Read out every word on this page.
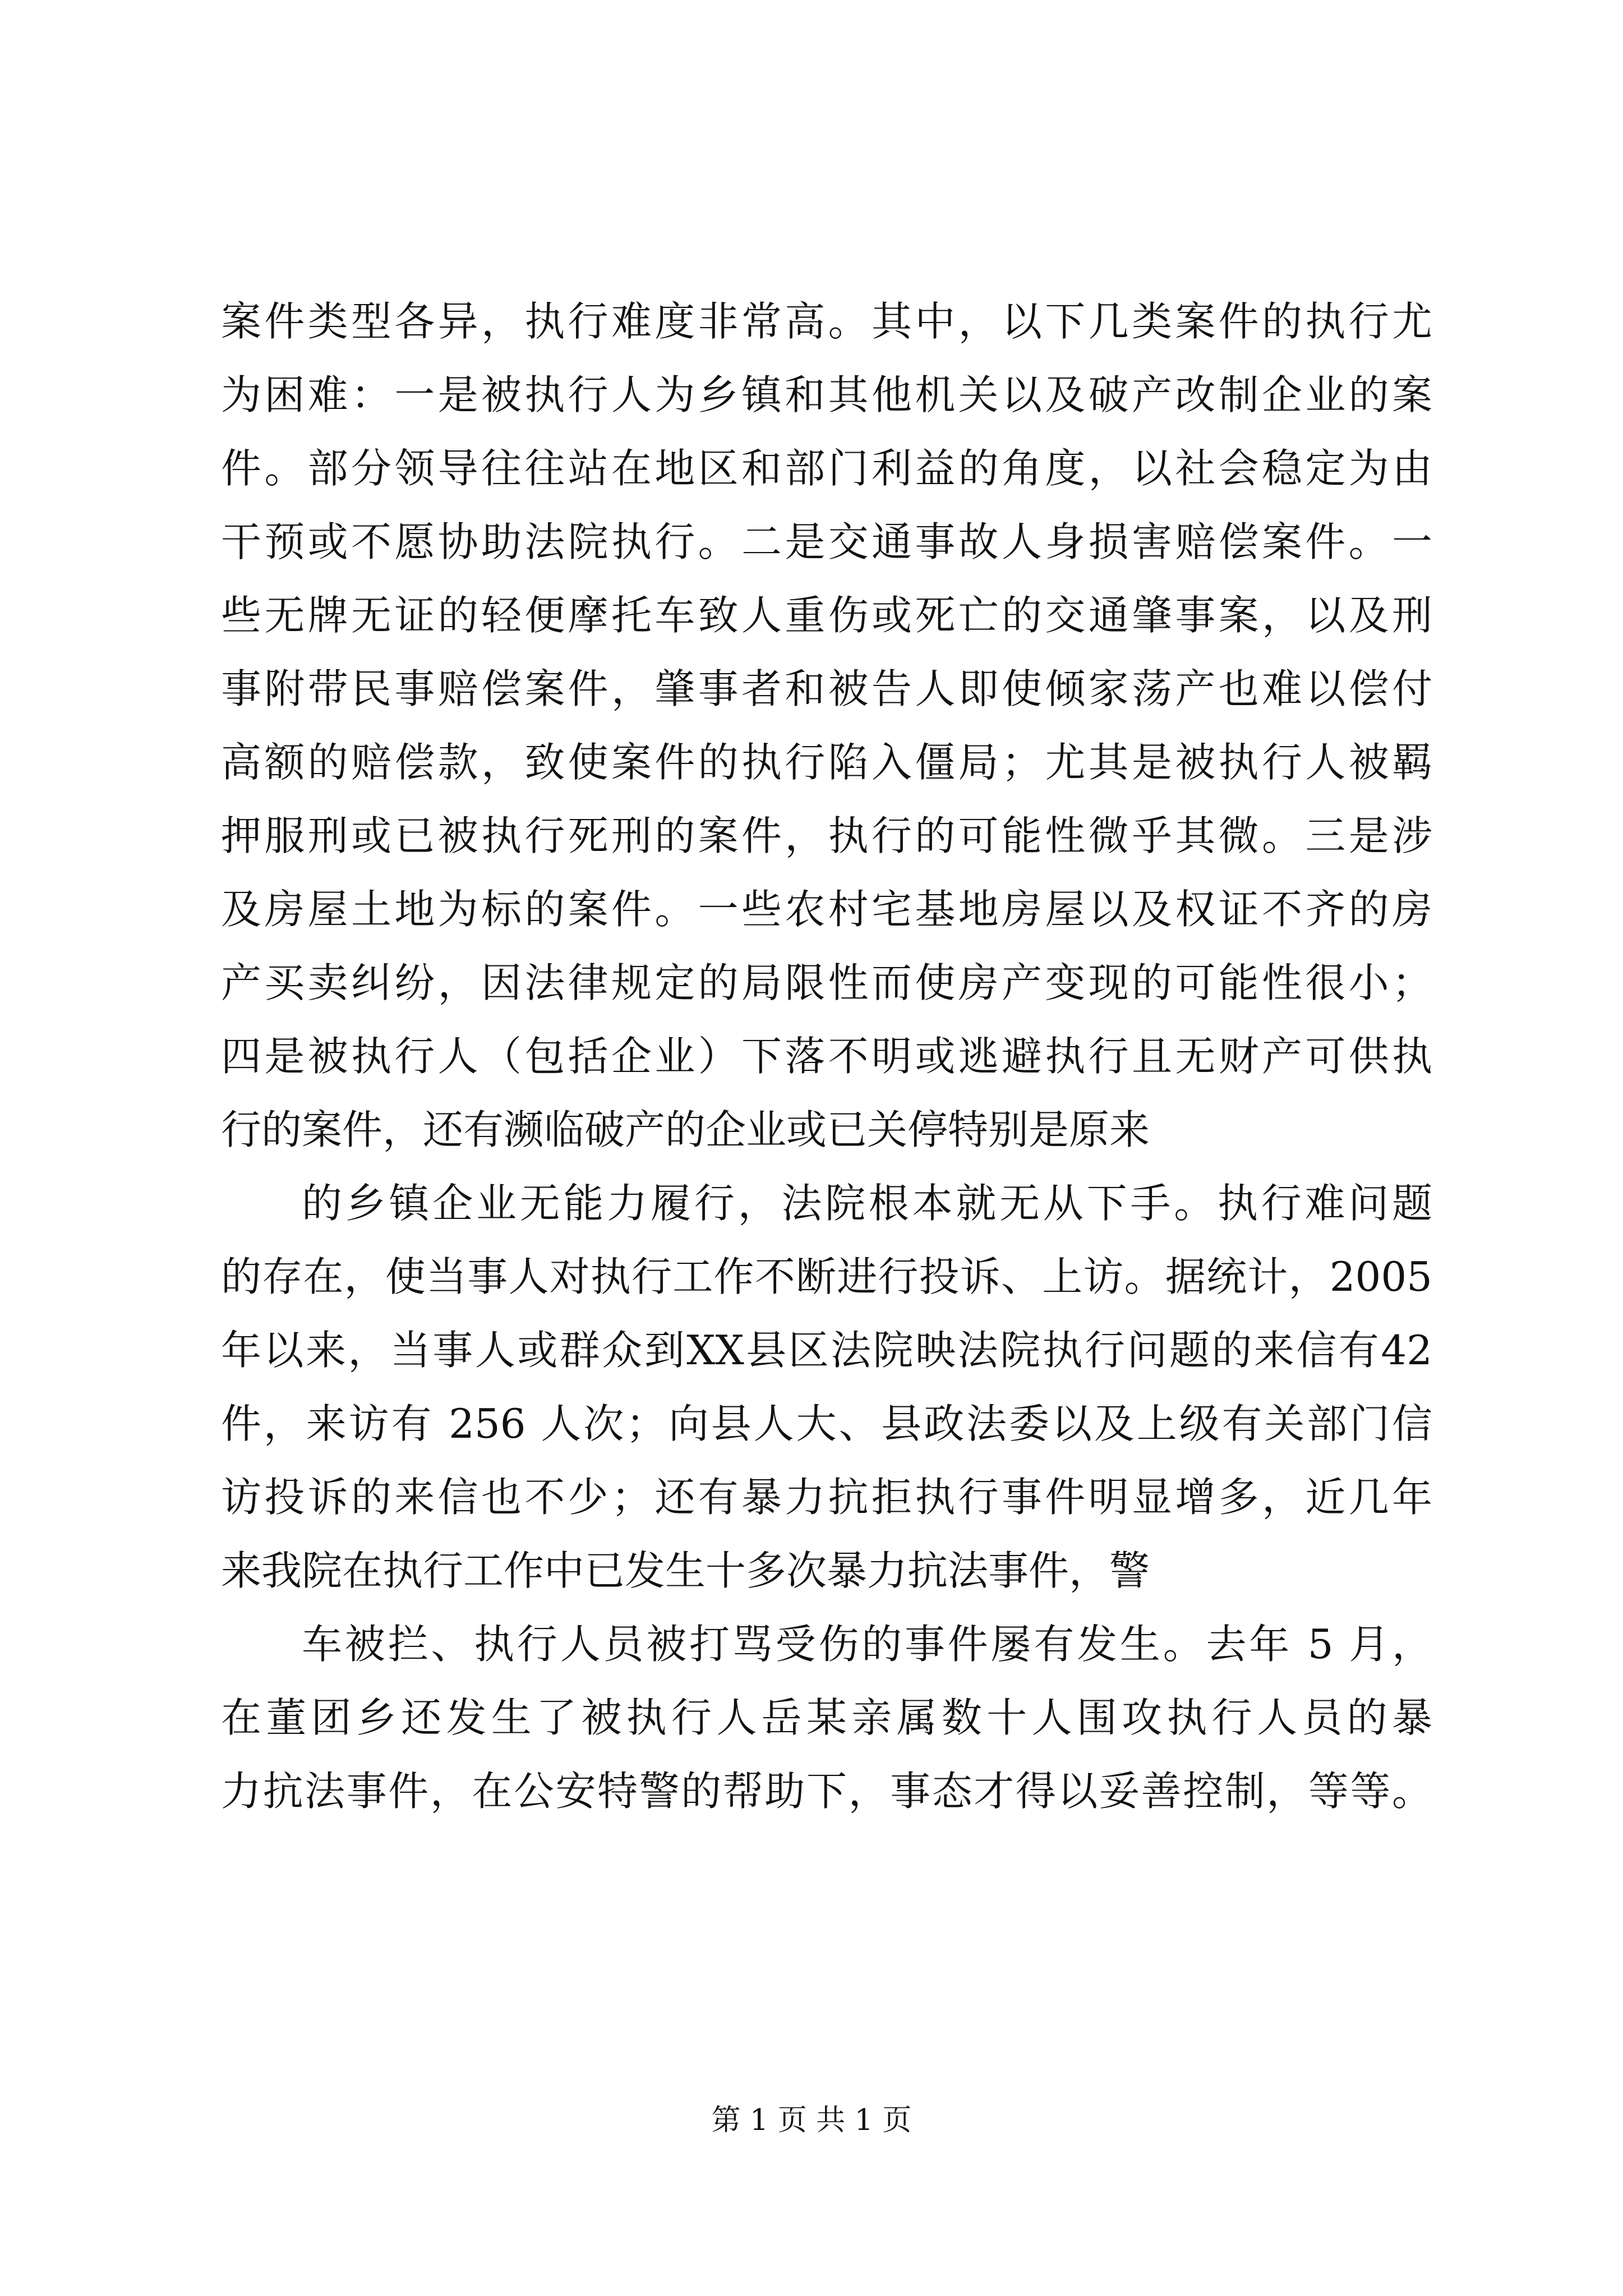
案件类型各异，执行难度非常高。其中，以下几类案件的执行尤
为困难：一是被执行人为乡镇和其他机关以及破产改制企业的案
件。部分领导往往站在地区和部门利益的角度，以社会稳定为由
干预或不愿协助法院执行。二是交通事故人身损害赔偿案件。一
些无牌无证的轻便摩托车致人重伤或死亡的交通肇事案，以及刑
事附带民事赔偿案件，肇事者和被告人即使倾家荡产也难以偿付
高额的赔偿款，致使案件的执行陷入僵局；尤其是被执行人被羁
押服刑或已被执行死刑的案件，执行的可能性微乎其微。三是涉
及房屋土地为标的案件。一些农村宅基地房屋以及权证不齐的房
产买卖纠纷，因法律规定的局限性而使房产变现的可能性很小；
四是被执行人（包括企业）下落不明或逃避执行且无财产可供执
行的案件，还有濒临破产的企业或已关停特别是原来
的乡镇企业无能力履行，法院根本就无从下手。执行难问题
的存在，使当事人对执行工作不断进行投诉、上访。据统计，2005
年以来，当事人或群众到XX县区法院映法院执行问题的来信有42
件，来访有 256 人次；向县人大、县政法委以及上级有关部门信
访投诉的来信也不少；还有暴力抗拒执行事件明显增多，近几年
来我院在执行工作中已发生十多次暴力抗法事件，警
车被拦、执行人员被打骂受伤的事件屡有发生。去年 5 月，
在董团乡还发生了被执行人岳某亲属数十人围攻执行人员的暴
力抗法事件，在公安特警的帮助下，事态才得以妥善控制，等等。
第 1 页 共 1 页
